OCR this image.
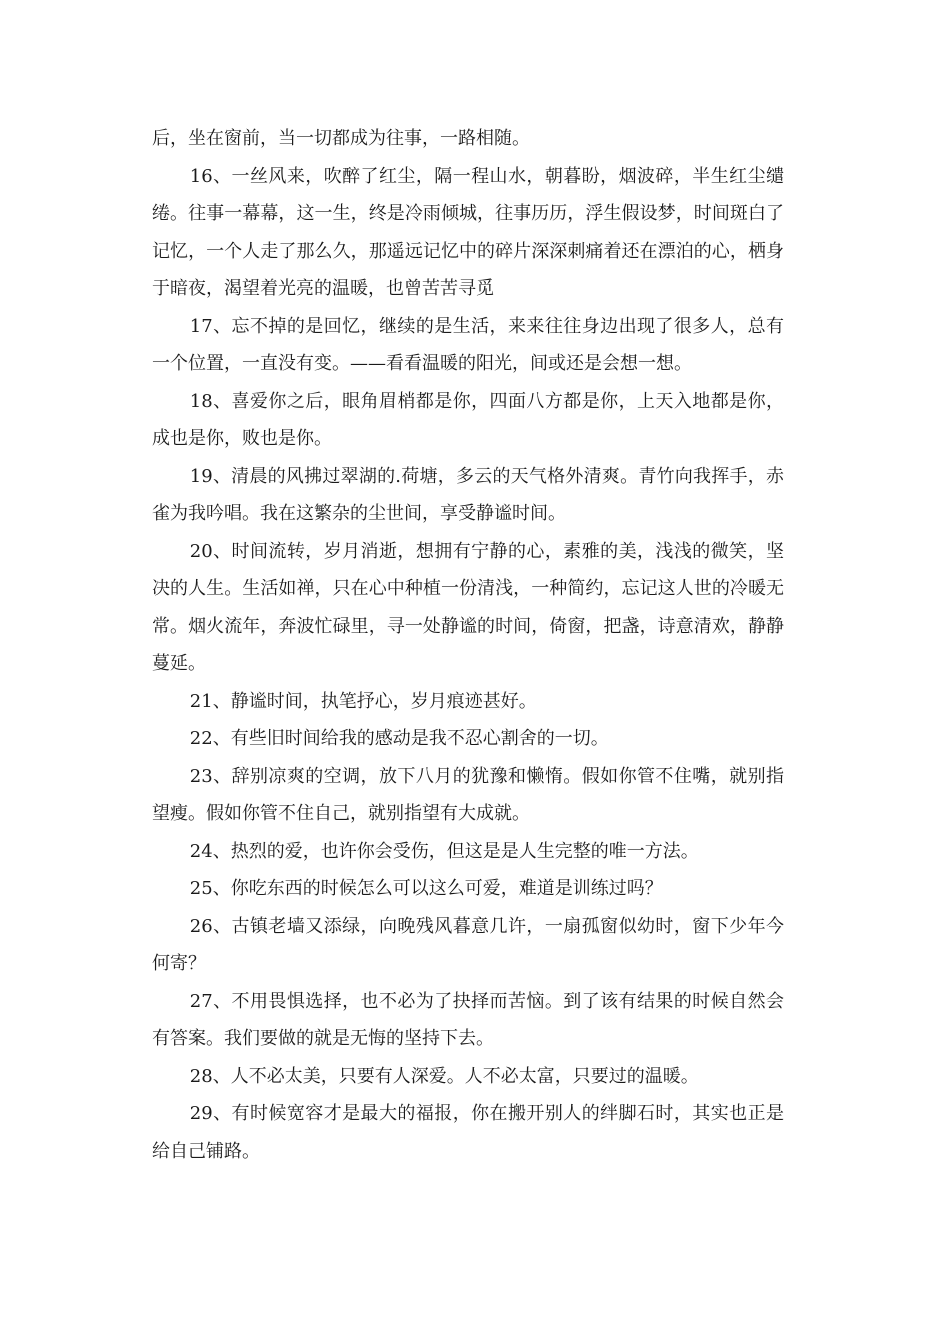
后，坐在窗前，当一切都成为往事，一路相随。

16、一丝风来，吹醉了红尘，隔一程山水，朝暮盼，烟波碎，半生红尘缱绻。往事一幕幕，这一生，终是冷雨倾城，往事历历，浮生假设梦，时间斑白了记忆，一个人走了那么久，那遥远记忆中的碎片深深刺痛着还在漂泊的心，栖身于暗夜，渴望着光亮的温暖，也曾苦苦寻觅

17、忘不掉的是回忆，继续的是生活，来来往往身边出现了很多人，总有一个位置，一直没有变。——看看温暖的阳光，间或还是会想一想。

18、喜爱你之后，眼角眉梢都是你，四面八方都是你，上天入地都是你，成也是你，败也是你。

19、清晨的风拂过翠湖的.荷塘，多云的天气格外清爽。青竹向我挥手，赤雀为我吟唱。我在这繁杂的尘世间，享受静谧时间。

20、时间流转，岁月消逝，想拥有宁静的心，素雅的美，浅浅的微笑，坚决的人生。生活如禅，只在心中种植一份清浅，一种简约，忘记这人世的冷暖无常。烟火流年，奔波忙碌里，寻一处静谧的时间，倚窗，把盏，诗意清欢，静静蔓延。

21、静谧时间，执笔抒心，岁月痕迹甚好。

22、有些旧时间给我的感动是我不忍心割舍的一切。

23、辞别凉爽的空调，放下八月的犹豫和懒惰。假如你管不住嘴，就别指望瘦。假如你管不住自己，就别指望有大成就。

24、热烈的爱，也许你会受伤，但这是是人生完整的唯一方法。

25、你吃东西的时候怎么可以这么可爱，难道是训练过吗？

26、古镇老墙又添绿，向晚残风暮意几许，一扇孤窗似幼时，窗下少年今何寄？

27、不用畏惧选择，也不必为了抉择而苦恼。到了该有结果的时候自然会有答案。我们要做的就是无悔的坚持下去。

28、人不必太美，只要有人深爱。人不必太富，只要过的温暖。

29、有时候宽容才是最大的福报，你在搬开别人的绊脚石时，其实也正是给自己铺路。
